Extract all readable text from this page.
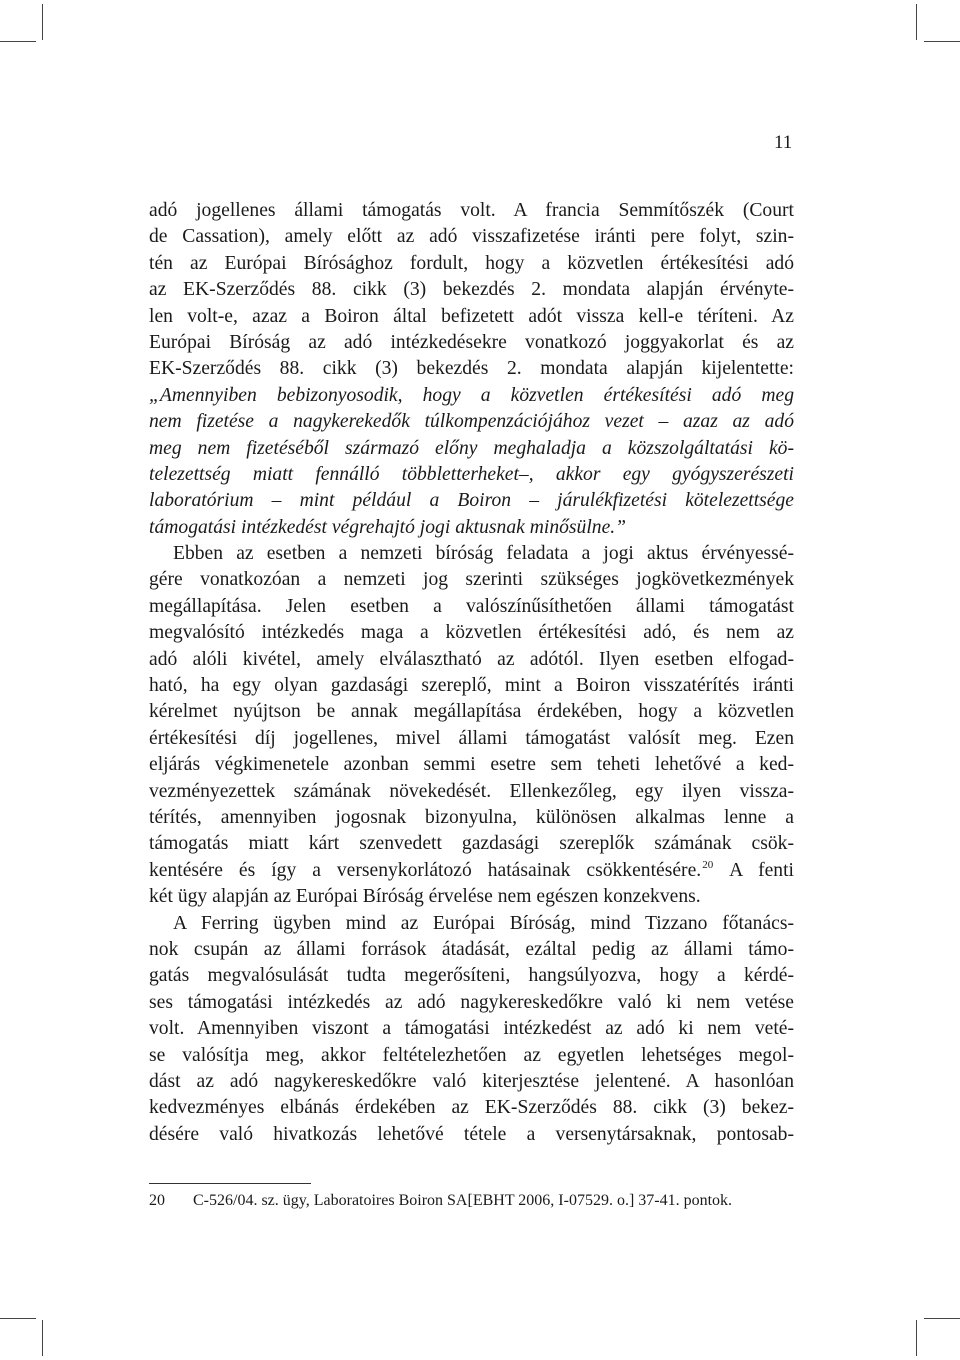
11
adó jogellenes állami támogatás volt. A francia Semmítőszék (Court
de Cassation), amely előtt az adó visszafizetése iránti pere folyt, szin-
tén az Európai Bírósághoz fordult, hogy a közvetlen értékesítési adó
az EK-Szerződés 88. cikk (3) bekezdés 2. mondata alapján érvényte-
len volt-e, azaz a Boiron által befizetett adót vissza kell-e téríteni. Az
Európai Bíróság az adó intézkedésekre vonatkozó joggyakorlat és az
EK-Szerződés 88. cikk (3) bekezdés 2. mondata alapján kijelentette:
„Amennyiben bebizonyosodik, hogy a közvetlen értékesítési adó meg
nem fizetése a nagykerekedők túlkompenzációjához vezet – azaz az adó
meg nem fizetéséből származó előny meghaladja a közszolgáltatási kö-
telezettség miatt fennálló többletterheket–, akkor egy gyógyszerészeti
laboratórium – mint például a Boiron – járulékfizetési kötelezettsége
támogatási intézkedést végrehajtó jogi aktusnak minősülne.”
Ebben az esetben a nemzeti bíróság feladata a jogi aktus érvényessé-
gére vonatkozóan a nemzeti jog szerinti szükséges jogkövetkezmények
megállapítása. Jelen esetben a valószínűsíthetően állami támogatást
megvalósító intézkedés maga a közvetlen értékesítési adó, és nem az
adó alóli kivétel, amely elválasztható az adótól. Ilyen esetben elfogad-
ható, ha egy olyan gazdasági szereplő, mint a Boiron visszatérítés iránti
kérelmet nyújtson be annak megállapítása érdekében, hogy a közvetlen
értékesítési díj jogellenes, mivel állami támogatást valósít meg. Ezen
eljárás végkimenetele azonban semmi esetre sem teheti lehetővé a ked-
vezményezettek számának növekedését. Ellenkezőleg, egy ilyen vissza-
térítés, amennyiben jogosnak bizonyulna, különösen alkalmas lenne a
támogatás miatt kárt szenvedett gazdasági szereplők számának csök-
kentésére és így a versenykorlátozó hatásainak csökkentésére.$^{20}$ A fenti
két ügy alapján az Európai Bíróság érvelése nem egészen konzekvens.
A Ferring ügyben mind az Európai Bíróság, mind Tizzano főtanács-
nok csupán az állami források átadását, ezáltal pedig az állami támo-
gatás megvalósulását tudta megerősíteni, hangsúlyozva, hogy a kérdé-
ses támogatási intézkedés az adó nagykereskedőkre való ki nem vetése
volt. Amennyiben viszont a támogatási intézkedést az adó ki nem veté-
se valósítja meg, akkor feltételezhetően az egyetlen lehetséges megol-
dást az adó nagykereskedőkre való kiterjesztése jelentené. A hasonlóan
kedvezményes elbánás érdekében az EK-Szerződés 88. cikk (3) bekez-
désére való hivatkozás lehetővé tétele a versenytársaknak, pontosab-
20 C-526/04. sz. ügy, Laboratoires Boiron SA[EBHT 2006, I-07529. o.] 37-41. pontok.
